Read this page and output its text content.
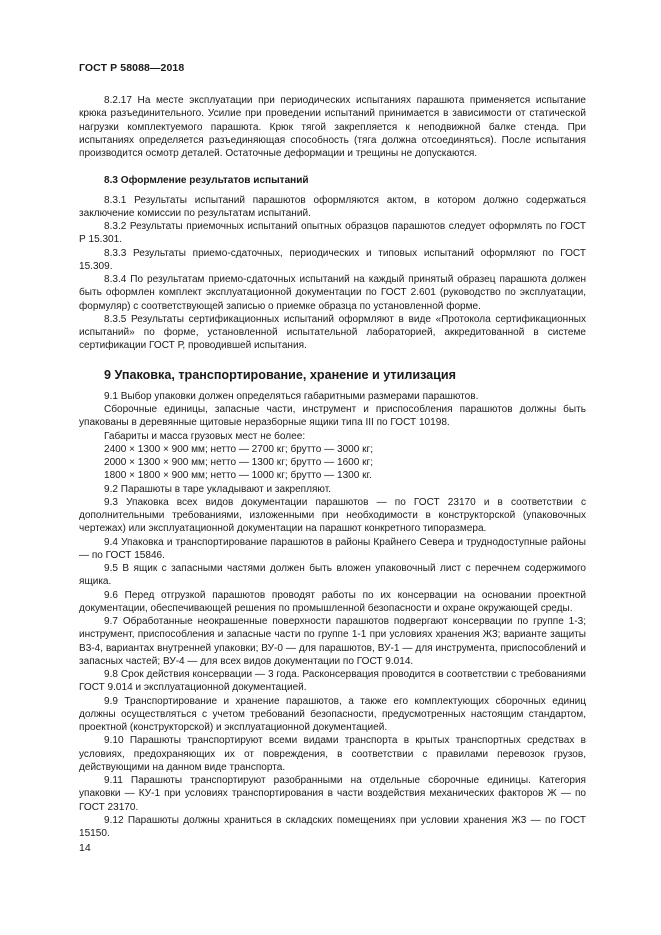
ГОСТ Р 58088—2018

8.2.17 На месте эксплуатации при периодических испытаниях парашюта применяется испытание крюка разъединительного. Усилие при проведении испытаний принимается в зависимости от статической нагрузки комплектуемого парашюта. Крюк тягой закрепляется к неподвижной балке стенда. При испытаниях определяется разъединяющая способность (тяга должна отсоединяться). После испытания производится осмотр деталей. Остаточные деформации и трещины не допускаются.

8.3 Оформление результатов испытаний

8.3.1 Результаты испытаний парашютов оформляются актом, в котором должно содержаться заключение комиссии по результатам испытаний.

8.3.2 Результаты приемочных испытаний опытных образцов парашютов следует оформлять по ГОСТ Р 15.301.

8.3.3 Результаты приемо-сдаточных, периодических и типовых испытаний оформляют по ГОСТ 15.309.

8.3.4 По результатам приемо-сдаточных испытаний на каждый принятый образец парашюта должен быть оформлен комплект эксплуатационной документации по ГОСТ 2.601 (руководство по эксплуатации, формуляр) с соответствующей записью о приемке образца по установленной форме.

8.3.5 Результаты сертификационных испытаний оформляют в виде «Протокола сертификационных испытаний» по форме, установленной испытательной лабораторией, аккредитованной в системе сертификации ГОСТ Р, проводившей испытания.

9 Упаковка, транспортирование, хранение и утилизация

9.1 Выбор упаковки должен определяться габаритными размерами парашютов.

Сборочные единицы, запасные части, инструмент и приспособления парашютов должны быть упакованы в деревянные щитовые неразборные ящики типа III по ГОСТ 10198.

Габариты и масса грузовых мест не более:

2400 × 1300 × 900 мм; нетто — 2700 кг; брутто — 3000 кг;

2000 × 1300 × 900 мм; нетто — 1300 кг; брутто — 1600 кг;

1800 × 1800 × 900 мм; нетто — 1000 кг; брутто — 1300 кг.

9.2 Парашюты в таре укладывают и закрепляют.

9.3 Упаковка всех видов документации парашютов — по ГОСТ 23170 и в соответствии с дополнительными требованиями, изложенными при необходимости в конструкторской (упаковочных чертежах) или эксплуатационной документации на парашют конкретного типоразмера.

9.4 Упаковка и транспортирование парашютов в районы Крайнего Севера и труднодоступные районы — по ГОСТ 15846.

9.5 В ящик с запасными частями должен быть вложен упаковочный лист с перечнем содержимого ящика.

9.6 Перед отгрузкой парашютов проводят работы по их консервации на основании проектной документации, обеспечивающей решения по промышленной безопасности и охране окружающей среды.

9.7 Обработанные неокрашенные поверхности парашютов подвергают консервации по группе 1-3; инструмент, приспособления и запасные части по группе 1-1 при условиях хранения Ж3; варианте защиты В3-4, вариантах внутренней упаковки; ВУ-0 — для парашютов, ВУ-1 — для инструмента, приспособлений и запасных частей; ВУ-4 — для всех видов документации по ГОСТ 9.014.

9.8 Срок действия консервации — 3 года. Расконсервация проводится в соответствии с требованиями ГОСТ 9.014 и эксплуатационной документацией.

9.9 Транспортирование и хранение парашютов, а также его комплектующих сборочных единиц должны осуществляться с учетом требований безопасности, предусмотренных настоящим стандартом, проектной (конструкторской) и эксплуатационной документацией.

9.10 Парашюты транспортируют всеми видами транспорта в крытых транспортных средствах в условиях, предохраняющих их от повреждения, в соответствии с правилами перевозок грузов, действующими на данном виде транспорта.

9.11 Парашюты транспортируют разобранными на отдельные сборочные единицы. Категория упаковки — КУ-1 при условиях транспортирования в части воздействия механических факторов Ж — по ГОСТ 23170.

9.12 Парашюты должны храниться в складских помещениях при условии хранения Ж3 — по ГОСТ 15150.

14
